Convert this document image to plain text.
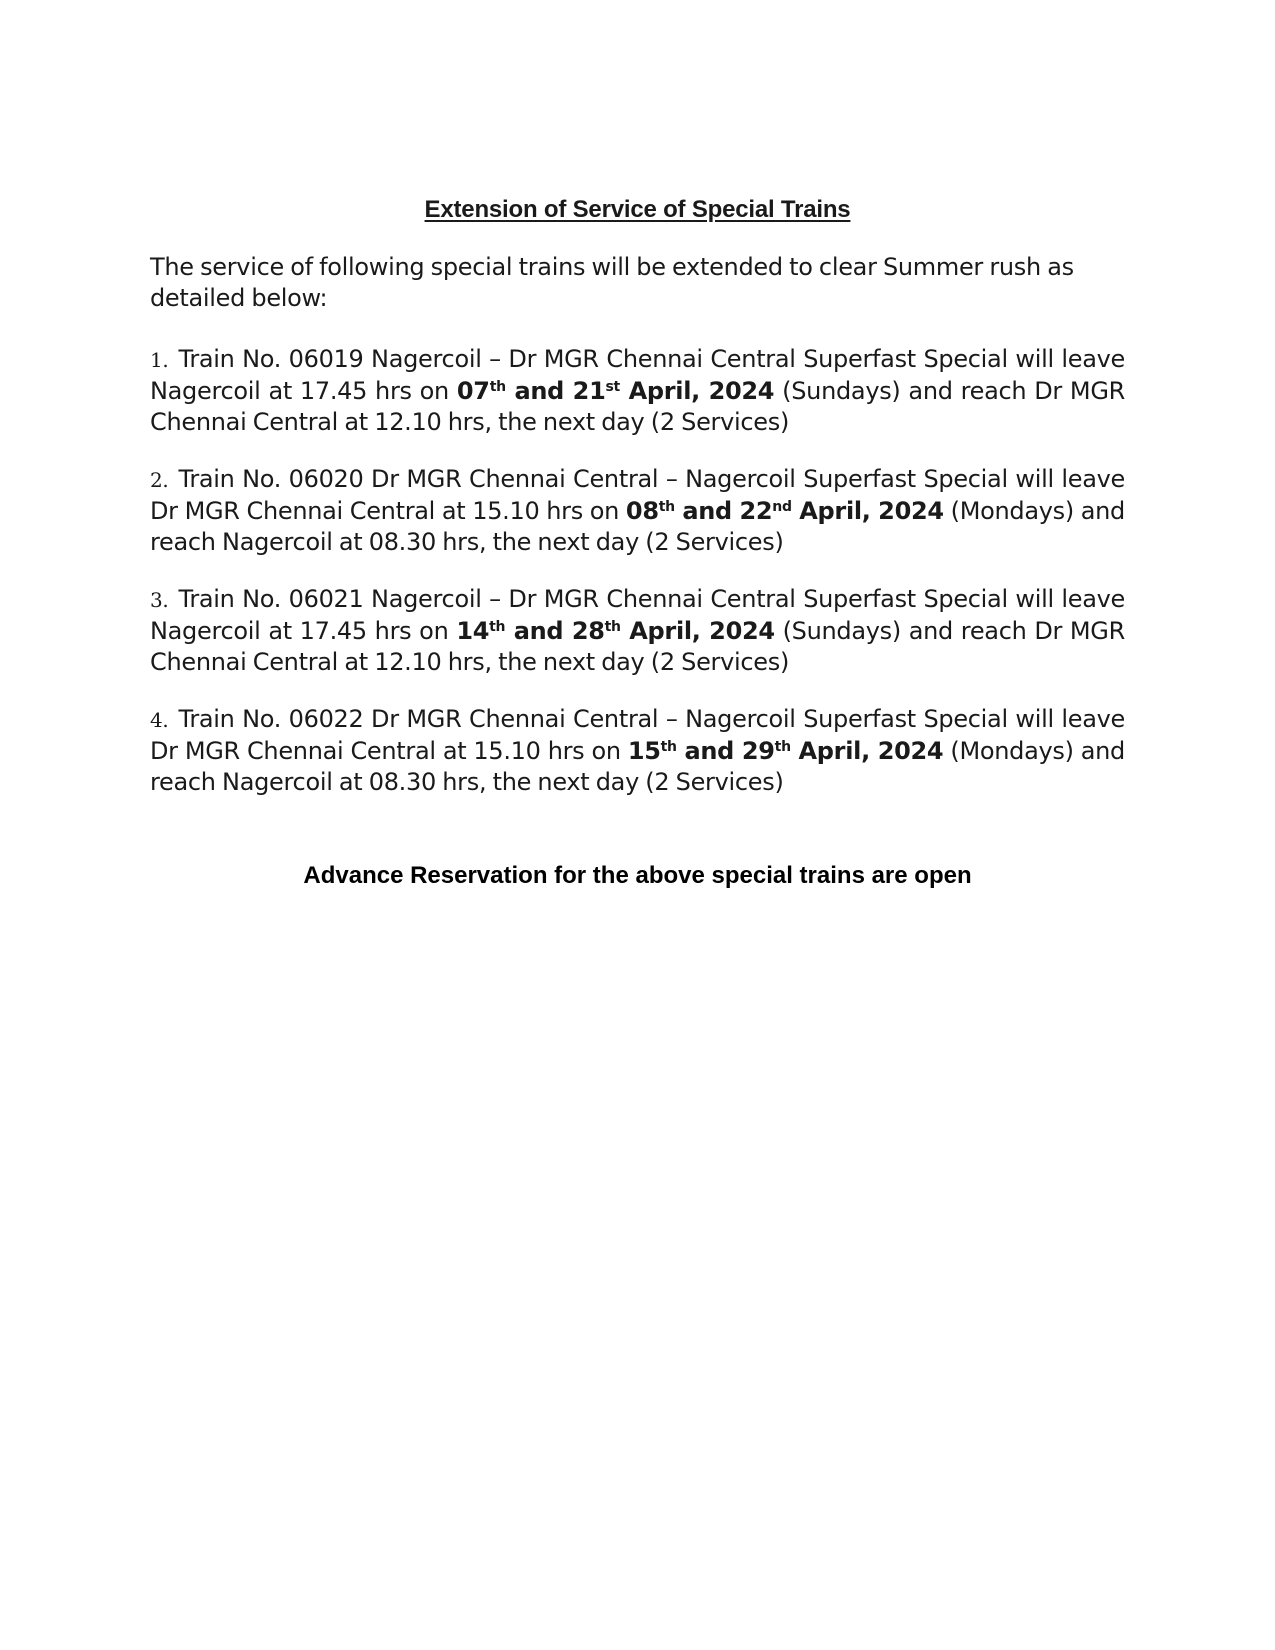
Extension of Service of Special Trains
The service of following special trains will be extended to clear Summer rush as detailed below:
1. Train No. 06019 Nagercoil – Dr MGR Chennai Central Superfast Special will leave Nagercoil at 17.45 hrs on 07th and 21st April, 2024 (Sundays) and reach Dr MGR Chennai Central at 12.10 hrs, the next day (2 Services)
2. Train No. 06020 Dr MGR Chennai Central – Nagercoil Superfast Special will leave Dr MGR Chennai Central at 15.10 hrs on 08th and 22nd April, 2024 (Mondays) and reach Nagercoil at 08.30 hrs, the next day (2 Services)
3. Train No. 06021 Nagercoil – Dr MGR Chennai Central Superfast Special will leave Nagercoil at 17.45 hrs on 14th and 28th April, 2024 (Sundays) and reach Dr MGR Chennai Central at 12.10 hrs, the next day (2 Services)
4. Train No. 06022 Dr MGR Chennai Central – Nagercoil Superfast Special will leave Dr MGR Chennai Central at 15.10 hrs on 15th and 29th April, 2024 (Mondays) and reach Nagercoil at 08.30 hrs, the next day (2 Services)
Advance Reservation for the above special trains are open
